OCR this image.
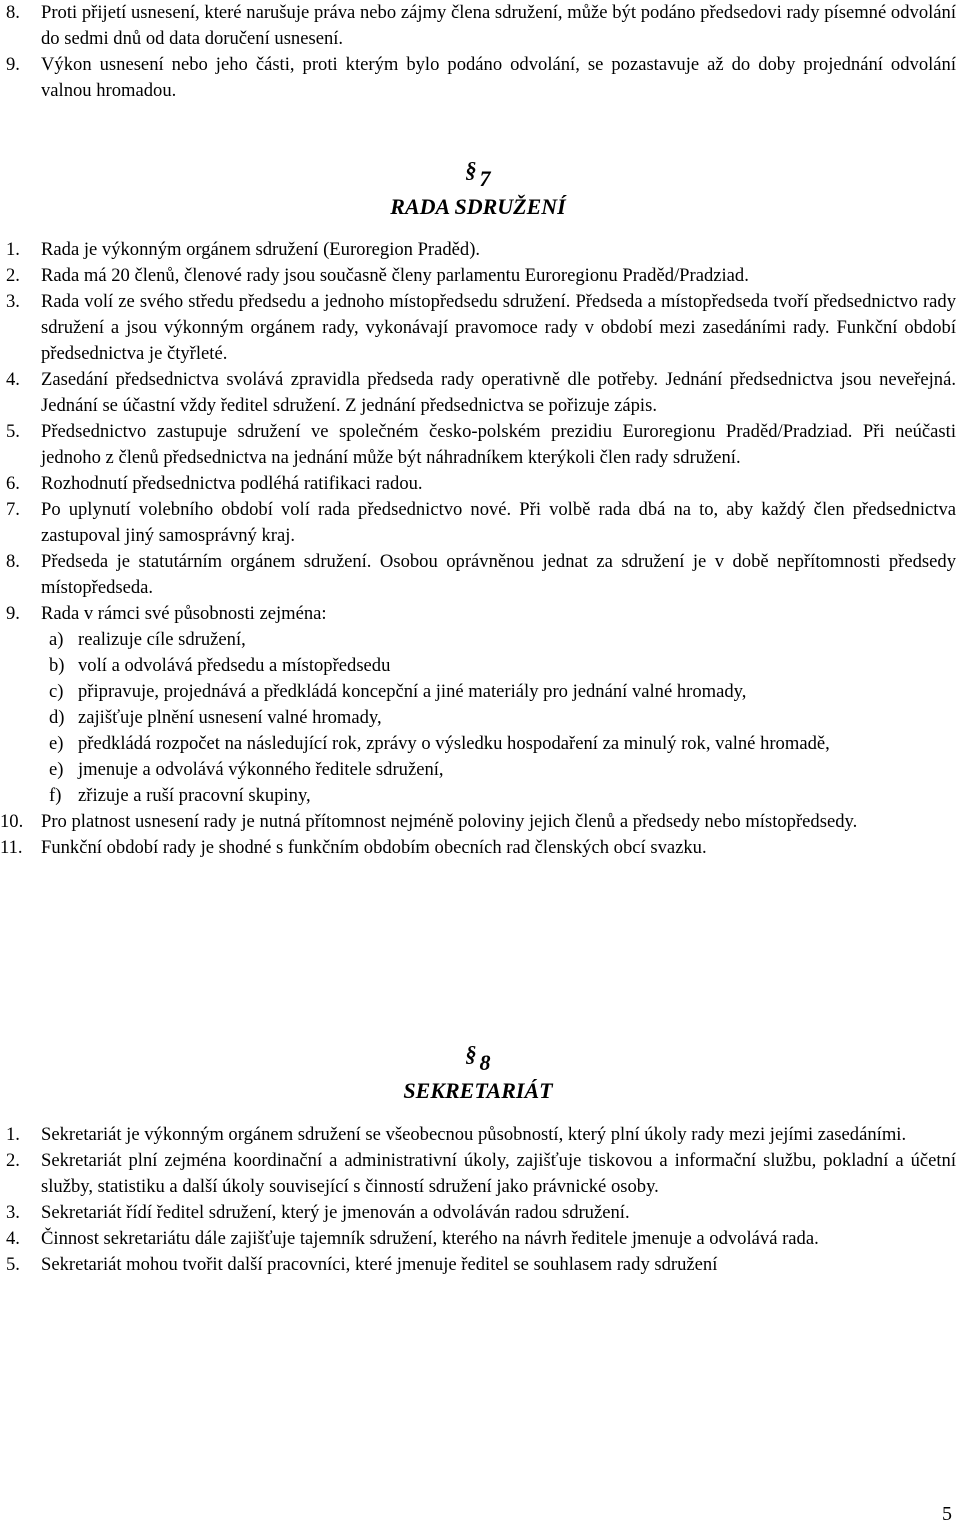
8. Proti přijetí usnesení, které narušuje práva nebo zájmy člena sdružení, může být podáno předsedovi rady písemné odvolání do sedmi dnů od data doručení usnesení.
9. Výkon usnesení nebo jeho části, proti kterým bylo podáno odvolání, se pozastavuje až do doby projednání odvolání valnou hromadou.
§ 7
RADA SDRUŽENÍ
1. Rada je výkonným orgánem sdružení (Euroregion Praděd).
2. Rada má 20 členů, členové rady jsou současně členy parlamentu Euroregionu Praděd/Pradziad.
3. Rada volí ze svého středu předsedu a jednoho místopředsedu sdružení. Předseda a místopředseda tvoří předsednictvo rady sdružení a jsou výkonným orgánem rady, vykonávají pravomoce rady v období mezi zasedáními rady. Funkční období předsednictva je čtyřleté.
4. Zasedání předsednictva svolává zpravidla předseda rady operativně dle potřeby. Jednání předsednictva jsou neveřejná. Jednání se účastní vždy ředitel sdružení. Z jednání předsednictva se pořizuje zápis.
5. Předsednictvo zastupuje sdružení ve společném česko-polském prezidiu Euroregionu Praděd/Pradziad. Při neúčasti jednoho z členů předsednictva na jednání může být náhradníkem kterýkoli člen rady sdružení.
6. Rozhodnutí předsednictva podléhá ratifikaci radou.
7. Po uplynutí volebního období volí rada předsednictvo nové. Při volbě rada dbá na to, aby každý člen předsednictva zastupoval jiný samosprávný kraj.
8. Předseda je statutárním orgánem sdružení. Osobou oprávněnou jednat za sdružení je v době nepřítomnosti předsedy místopředseda.
9. Rada v rámci své působnosti zejména:
a) realizuje cíle sdružení,
b) volí a odvolává předsedu a místopředsedu
c) připravuje, projednává a předkládá koncepční a jiné materiály pro jednání valné hromady,
d) zajišťuje plnění usnesení valné hromady,
e) předkládá rozpočet na následující rok, zprávy o výsledku hospodaření za minulý rok, valné hromadě,
e) jmenuje a odvolává výkonného ředitele sdružení,
f) zřizuje a ruší pracovní skupiny,
10. Pro platnost usnesení rady je nutná přítomnost nejméně poloviny jejich členů a předsedy nebo místopředsedy.
11. Funkční období rady je shodné s funkčním obdobím obecních rad členských obcí svazku.
§ 8
SEKRETARIÁT
1. Sekretariát je výkonným orgánem sdružení se všeobecnou působností, který plní úkoly rady mezi jejími zasedáními.
2. Sekretariát plní zejména koordinační a administrativní úkoly, zajišťuje tiskovou a informační službu, pokladní a účetní služby, statistiku a další úkoly související s činností sdružení jako právnické osoby.
3. Sekretariát řídí ředitel sdružení, který je jmenován a odvoláván radou sdružení.
4. Činnost sekretariátu dále zajišťuje tajemník sdružení, kterého na návrh ředitele jmenuje a odvolává rada.
5. Sekretariát mohou tvořit další pracovníci, které jmenuje ředitel se souhlasem rady sdružení
5
